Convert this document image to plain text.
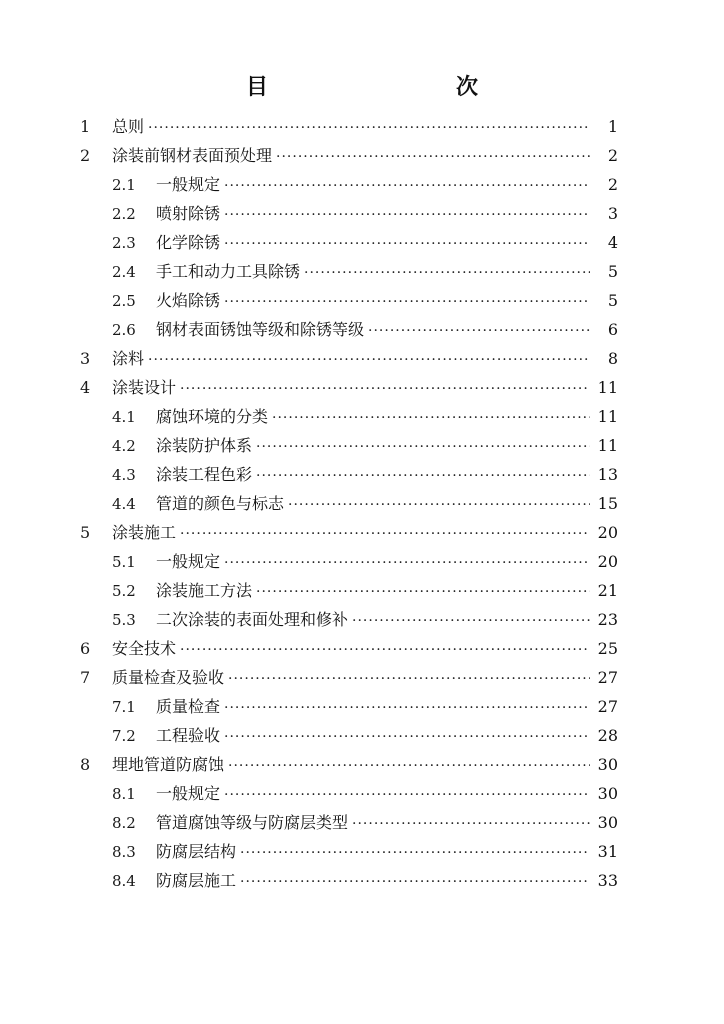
目　　次
1	总则 ·····	1
2	涂装前钢材表面预处理 ·····	2
2.1	一般规定 ·····	2
2.2	喷射除锈 ·····	3
2.3	化学除锈 ·····	4
2.4	手工和动力工具除锈 ·····	5
2.5	火焰除锈 ·····	5
2.6	钢材表面锈蚀等级和除锈等级 ·····	6
3	涂料 ·····	8
4	涂装设计 ·····	11
4.1	腐蚀环境的分类 ·····	11
4.2	涂装防护体系 ·····	11
4.3	涂装工程色彩 ·····	13
4.4	管道的颜色与标志 ·····	15
5	涂装施工 ·····	20
5.1	一般规定 ·····	20
5.2	涂装施工方法 ·····	21
5.3	二次涂装的表面处理和修补 ·····	23
6	安全技术 ·····	25
7	质量检查及验收 ·····	27
7.1	质量检查 ·····	27
7.2	工程验收 ·····	28
8	埋地管道防腐蚀 ·····	30
8.1	一般规定 ·····	30
8.2	管道腐蚀等级与防腐层类型 ·····	30
8.3	防腐层结构 ·····	31
8.4	防腐层施工 ·····	33
